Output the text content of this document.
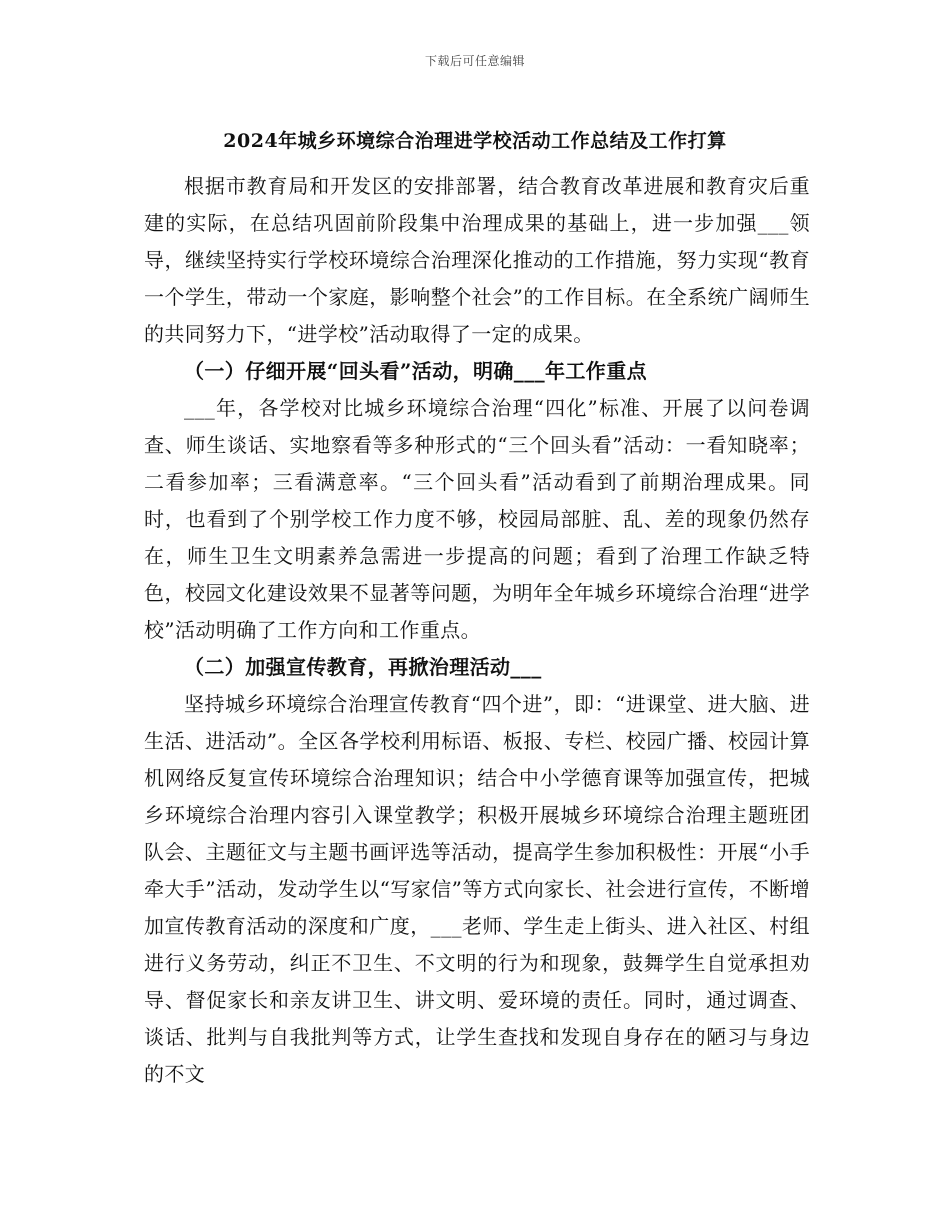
下载后可任意编辑
2024年城乡环境综合治理进学校活动工作总结及工作打算

根据市教育局和开发区的安排部署，结合教育改革进展和教育灾后重建的实际，在总结巩固前阶段集中治理成果的基础上，进一步加强___领导，继续坚持实行学校环境综合治理深化推动的工作措施，努力实现“教育一个学生，带动一个家庭，影响整个社会”的工作目标。在全系统广阔师生的共同努力下，“进学校”活动取得了一定的成果。

（一）仔细开展“回头看”活动，明确___年工作重点

___年，各学校对比城乡环境综合治理“四化”标准、开展了以问卷调查、师生谈话、实地察看等多种形式的“三个回头看”活动：一看知晓率；二看参加率；三看满意率。“三个回头看”活动看到了前期治理成果。同时，也看到了个别学校工作力度不够，校园局部脏、乱、差的现象仍然存在，师生卫生文明素养急需进一步提高的问题；看到了治理工作缺乏特色，校园文化建设效果不显著等问题，为明年全年城乡环境综合治理“进学校”活动明确了工作方向和工作重点。

（二）加强宣传教育，再掀治理活动___

坚持城乡环境综合治理宣传教育“四个进”，即：“进课堂、进大脑、进生活、进活动”。全区各学校利用标语、板报、专栏、校园广播、校园计算机网络反复宣传环境综合治理知识；结合中小学德育课等加强宣传，把城乡环境综合治理内容引入课堂教学；积极开展城乡环境综合治理主题班团队会、主题征文与主题书画评选等活动，提高学生参加积极性：开展“小手牵大手”活动，发动学生以“写家信”等方式向家长、社会进行宣传，不断增加宣传教育活动的深度和广度，___老师、学生走上街头、进入社区、村组进行义务劳动，纠正不卫生、不文明的行为和现象，鼓舞学生自觉承担劝导、督促家长和亲友讲卫生、讲文明、爱环境的责任。同时，通过调查、谈话、批判与自我批判等方式，让学生查找和发现自身存在的陋习与身边的不文
